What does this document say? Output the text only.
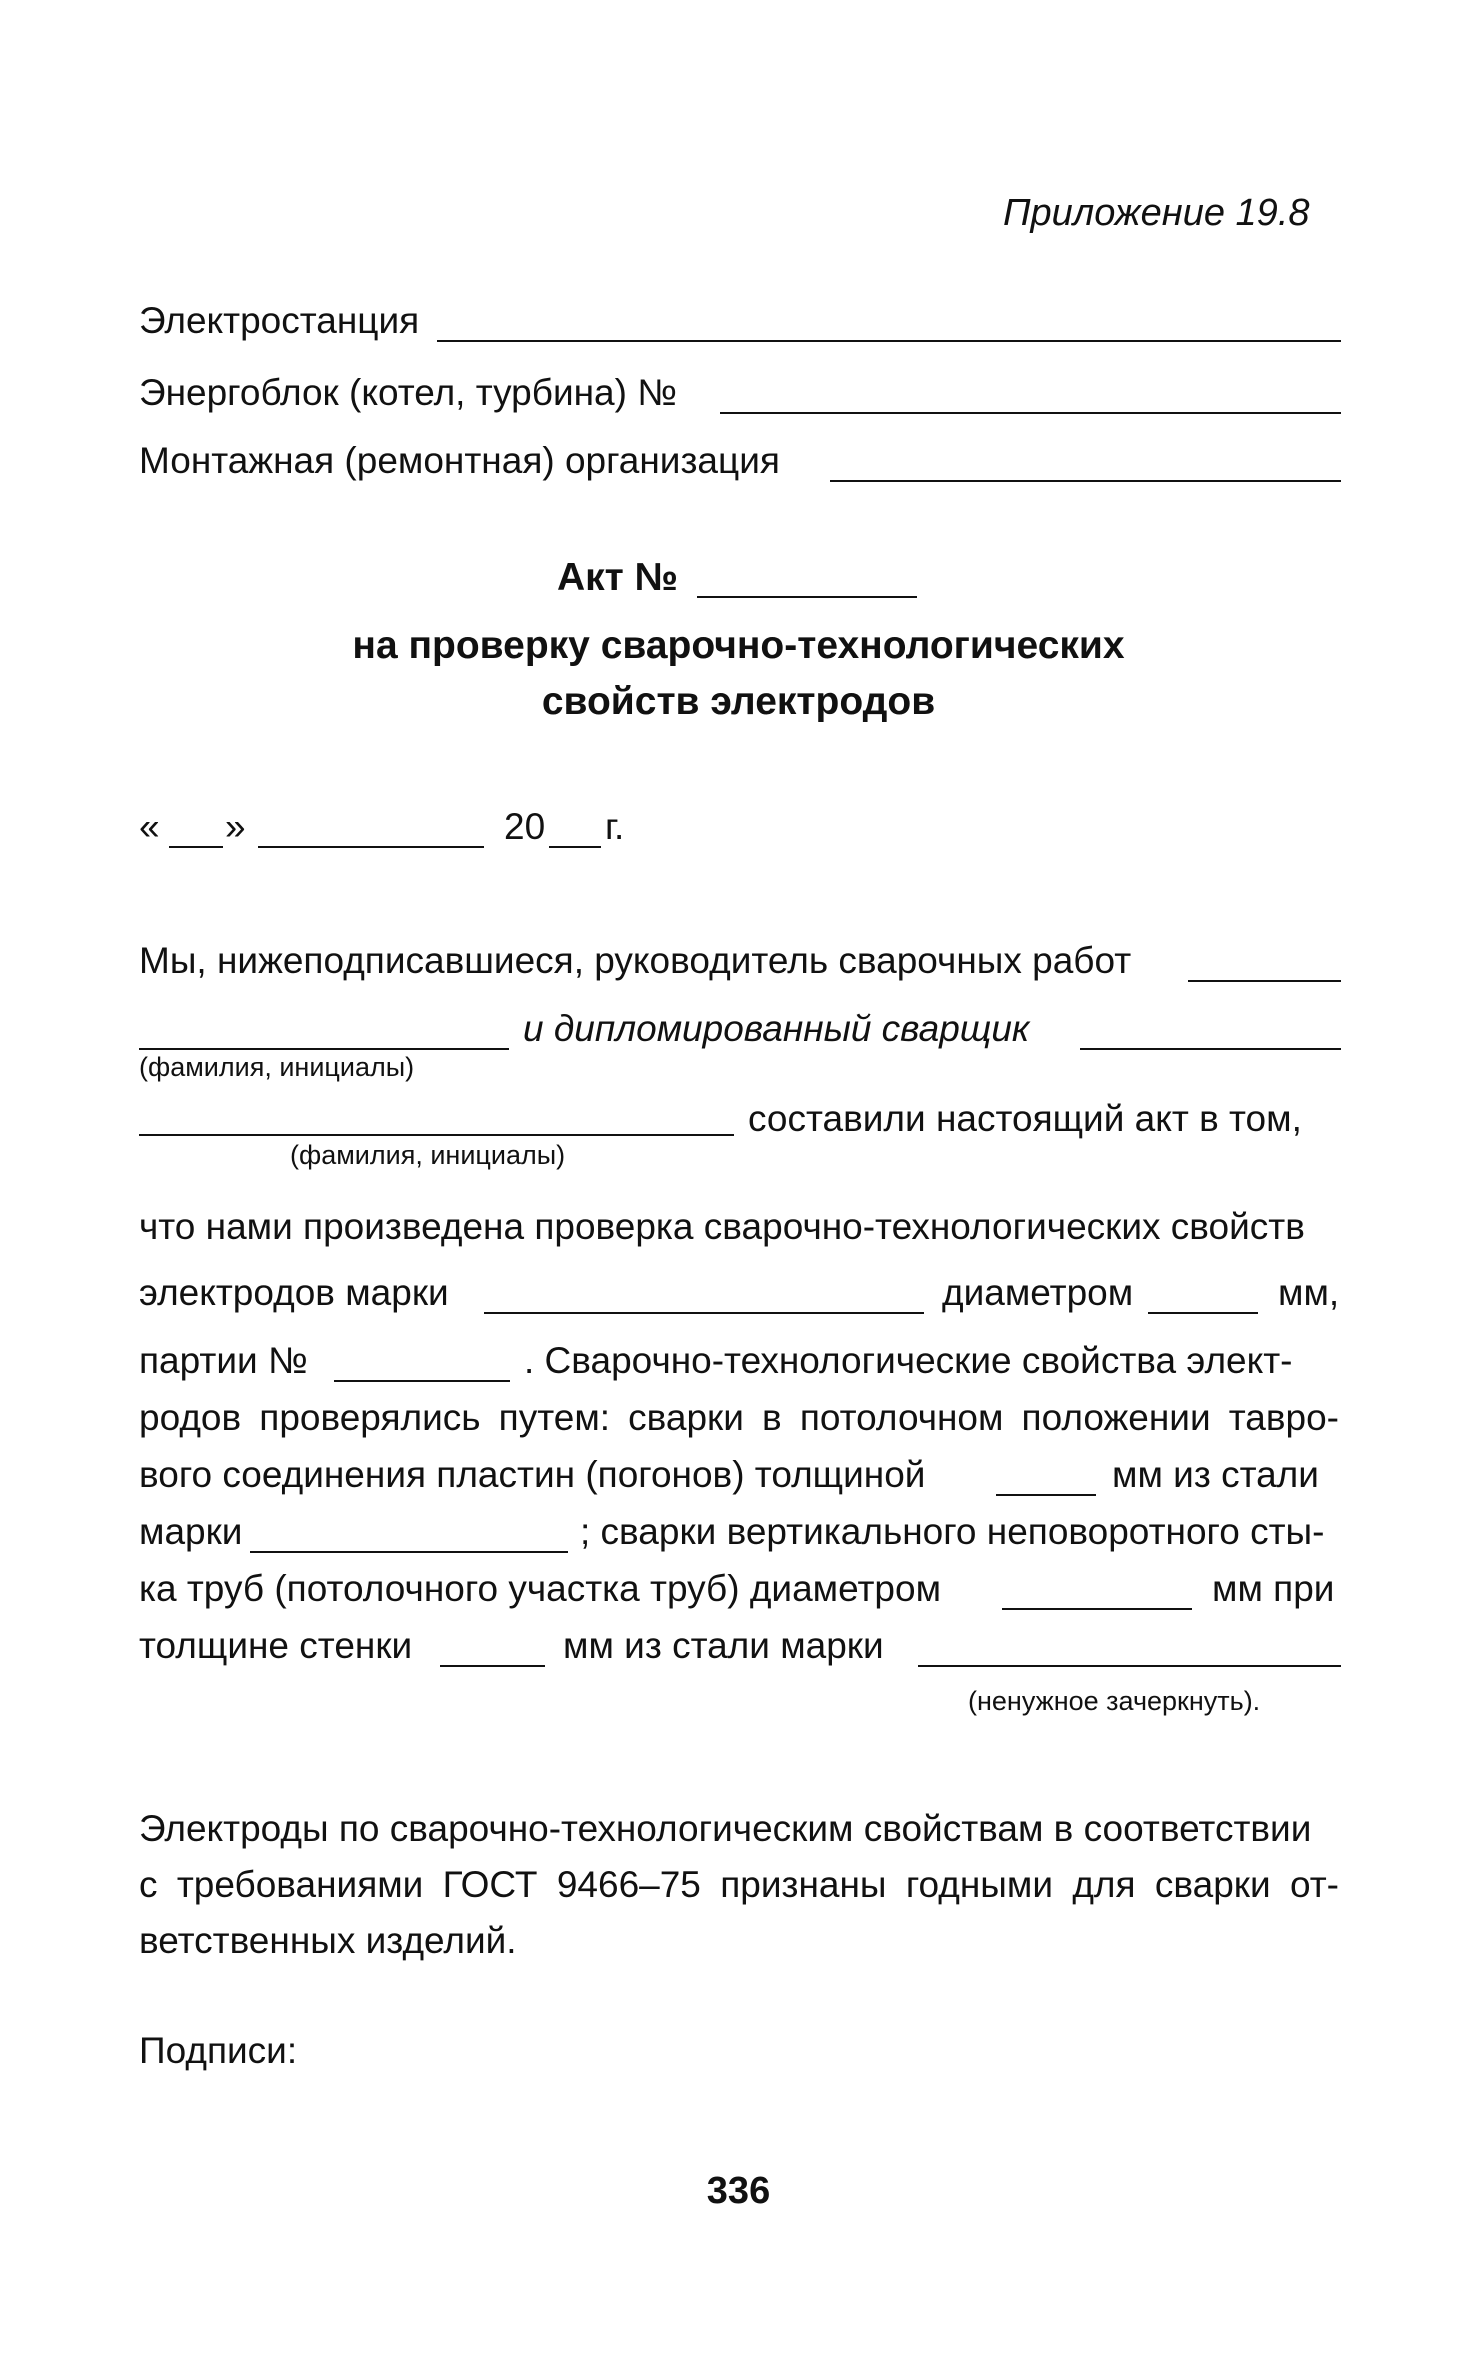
Приложение 19.8
Электростанция
Энергоблок (котел, турбина) №
Монтажная (ремонтная) организация
Акт №
на проверку сварочно-технологических
свойств электродов
« »	20 г.
Мы, нижеподписавшиеся, руководитель сварочных работ
и дипломированный сварщик
(фамилия, инициалы)
составили настоящий акт в том,
(фамилия, инициалы)
что нами произведена проверка сварочно-технологических свойств
электродов марки	диаметром	мм,
партии №	. Сварочно-технологические свойства элект-
родов проверялись путем: сварки в потолочном положении тавро-
вого соединения пластин (погонов) толщиной	мм из стали
марки	; сварки вертикального неповоротного сты-
ка труб (потолочного участка труб) диаметром	мм при
толщине стенки	мм из стали марки
(ненужное зачеркнуть).
Электроды по сварочно-технологическим свойствам в соответствии
с требованиями ГОСТ 9466–75 признаны годными для сварки от-
ветственных изделий.
Подписи:
336
